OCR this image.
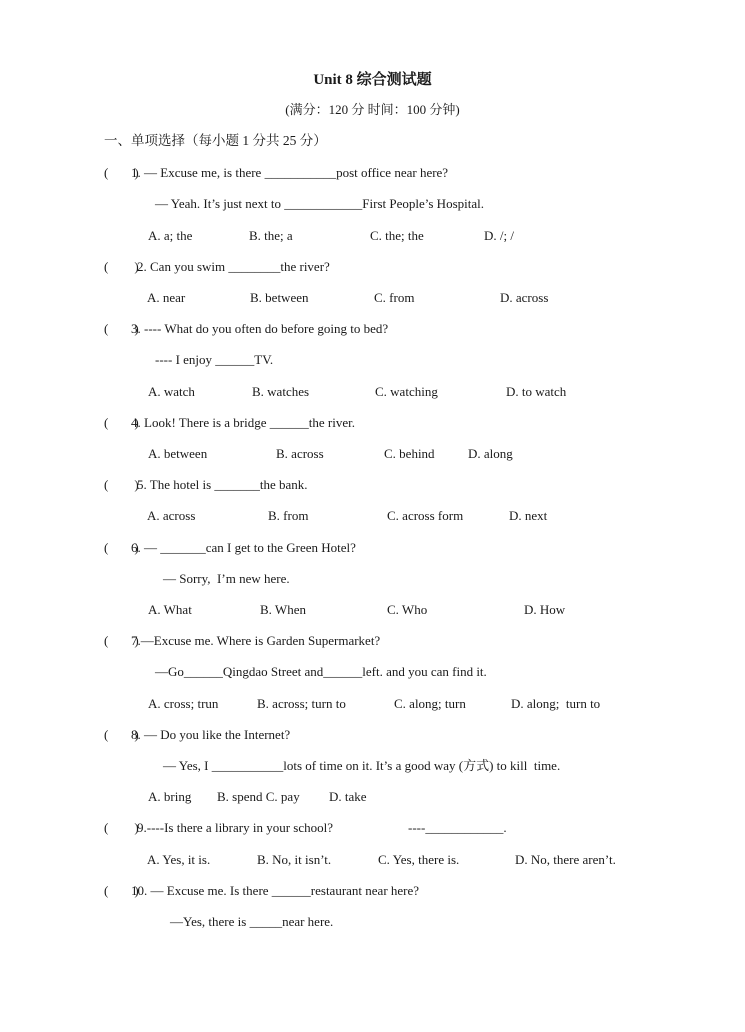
Unit 8 综合测试题
(满分：120 分 时间：100 分钟)
一、单项选择（每小题 1 分共 25 分）
(        )
1. — Excuse me, is there ___________post office near here?
— Yeah. It’s just next to ____________First People’s Hospital.
A. a; the	B. the; a	C. the; the	D. /; /
(        )
2. Can you swim ________the river?
A. near	B. between	C. from	D. across
(        )
3. ---- What do you often do before going to bed?
---- I enjoy ______TV.
A. watch	B. watches	C. watching	D. to watch
(        )
4. Look! There is a bridge ______the river.
A. between	B. across	C. behind	D. along
(        )
5. The hotel is _______the bank.
A. across	B. from	C. across form	D. next
(        )
6. — _______can I get to the Green Hotel?
— Sorry,  I’m new here.
A. What	B. When	C. Who	D. How
(        )
7.—Excuse me. Where is Garden Supermarket?
—Go______Qingdao Street and______left. and you can find it.
A. cross; trun	B. across; turn to	C. along; turn	D. along;  turn to
(        )
8. — Do you like the Internet?
— Yes, I ___________lots of time on it. It’s a good way (方式) to kill  time.
A. bring B. spend C. pay D. take
(        )
9.----Is there a library in your school?	----____________.
A. Yes, it is.	B. No, it isn’t.	C. Yes, there is.	D. No, there aren’t.
(        )
10. — Excuse me. Is there ______restaurant near here?
—Yes, there is _____near here.
